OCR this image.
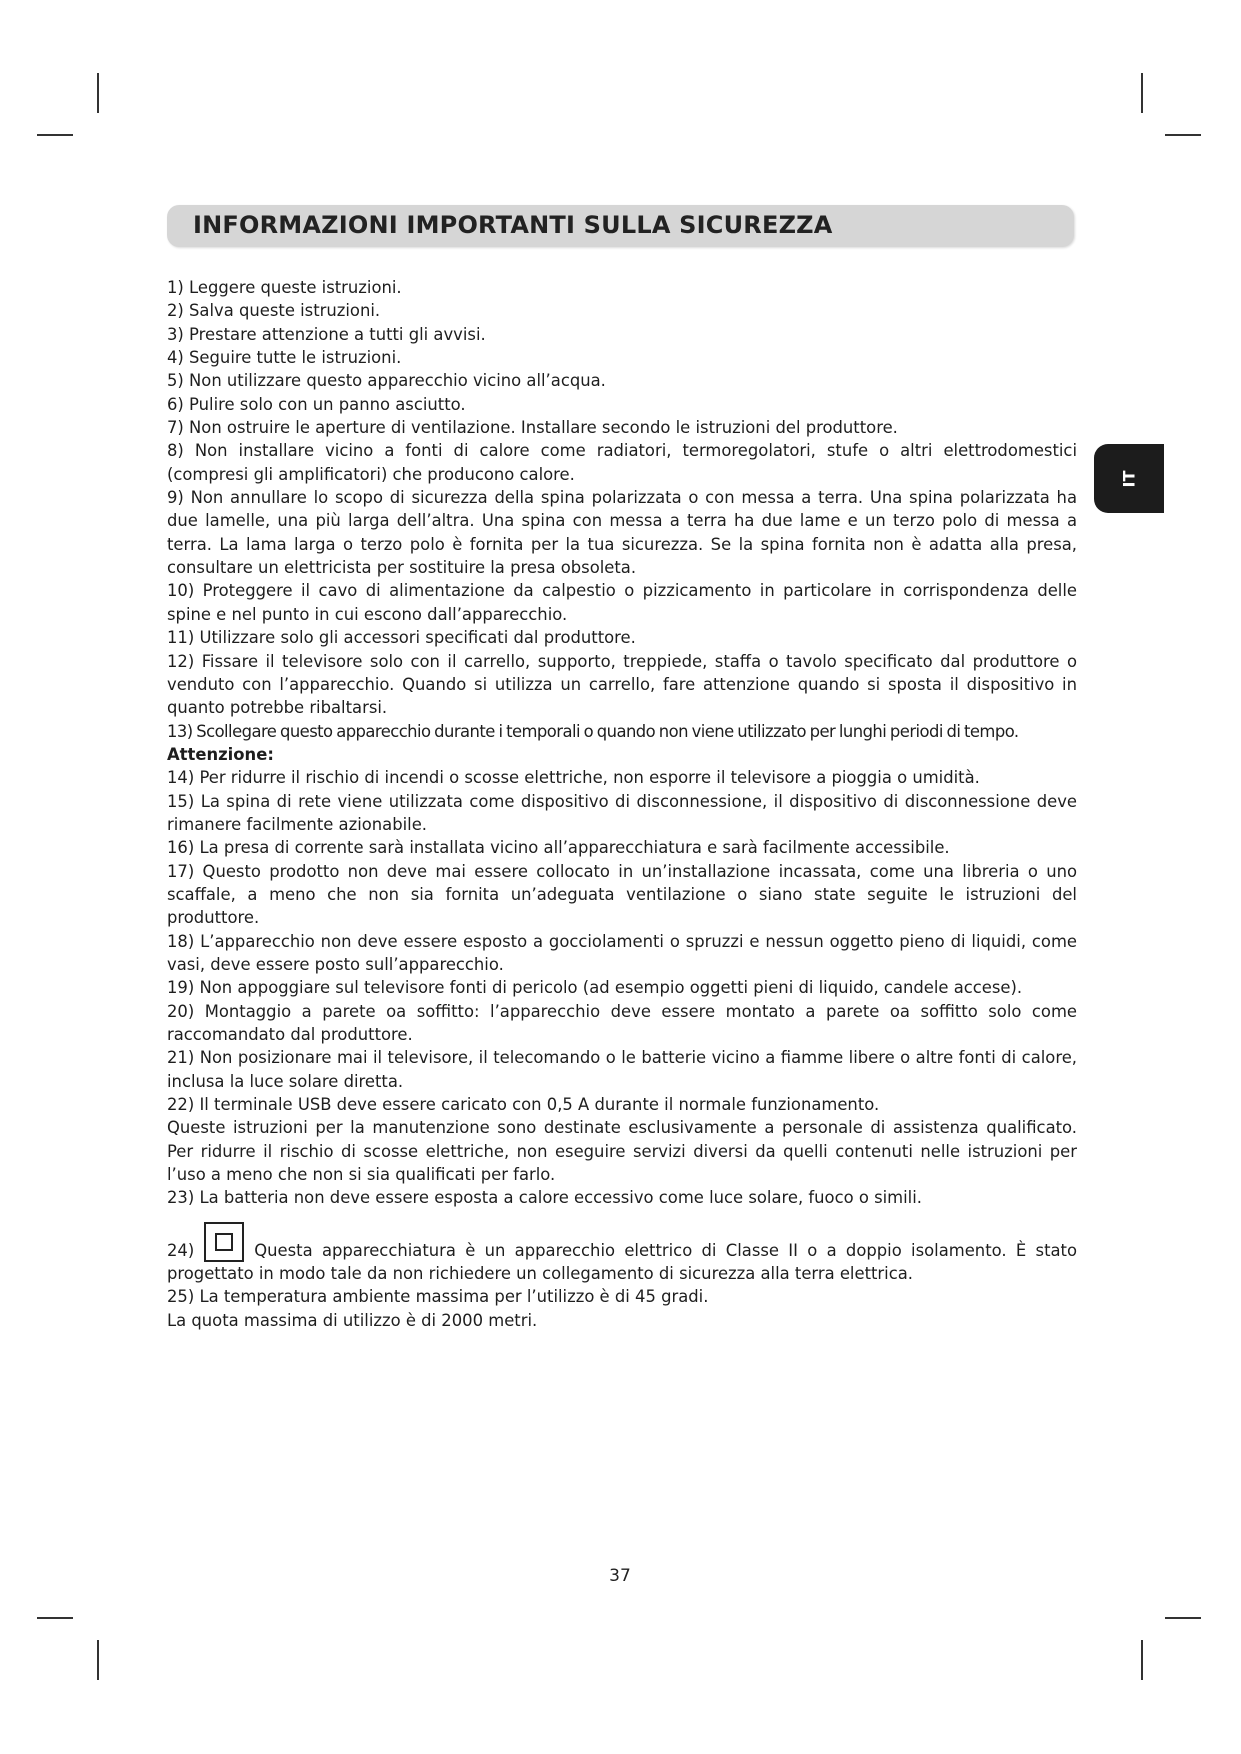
INFORMAZIONI IMPORTANTI SULLA SICUREZZA
IT

1) Leggere queste istruzioni.

2) Salva queste istruzioni.

3) Prestare attenzione a tutti gli avvisi.

4) Seguire tutte le istruzioni.

5) Non utilizzare questo apparecchio vicino all’acqua.

6) Pulire solo con un panno asciutto.

7) Non ostruire le aperture di ventilazione. Installare secondo le istruzioni del produttore.

8) Non installare vicino a fonti di calore come radiatori, termoregolatori, stufe o altri elettrodomestici (compresi gli amplificatori) che producono calore.

9) Non annullare lo scopo di sicurezza della spina polarizzata o con messa a terra. Una spina polarizzata ha due lamelle, una più larga dell’altra. Una spina con messa a terra ha due lame e un terzo polo di messa a terra. La lama larga o terzo polo è fornita per la tua sicurezza. Se la spina fornita non è adatta alla presa, consultare un elettricista per sostituire la presa obsoleta.

10) Proteggere il cavo di alimentazione da calpestio o pizzicamento in particolare in corrispondenza delle spine e nel punto in cui escono dall’apparecchio.

11) Utilizzare solo gli accessori specificati dal produttore.

12) Fissare il televisore solo con il carrello, supporto, treppiede, staffa o tavolo specificato dal produttore o venduto con l’apparecchio. Quando si utilizza un carrello, fare attenzione quando si sposta il dispositivo in quanto potrebbe ribaltarsi.

13) Scollegare questo apparecchio durante i temporali o quando non viene utilizzato per lunghi periodi di tempo.

Attenzione:

14) Per ridurre il rischio di incendi o scosse elettriche, non esporre il televisore a pioggia o umidità.

15) La spina di rete viene utilizzata come dispositivo di disconnessione, il dispositivo di disconnessione deve rimanere facilmente azionabile.

16) La presa di corrente sarà installata vicino all’apparecchiatura e sarà facilmente accessibile.

17) Questo prodotto non deve mai essere collocato in un’installazione incassata, come una libreria o uno scaffale, a meno che non sia fornita un’adeguata ventilazione o siano state seguite le istruzioni del produttore.

18) L’apparecchio non deve essere esposto a gocciolamenti o spruzzi e nessun oggetto pieno di liquidi, come vasi, deve essere posto sull’apparecchio.

19) Non appoggiare sul televisore fonti di pericolo (ad esempio oggetti pieni di liquido, candele accese).

20) Montaggio a parete oa soffitto: l’apparecchio deve essere montato a parete oa soffitto solo come raccomandato dal produttore.

21) Non posizionare mai il televisore, il telecomando o le batterie vicino a fiamme libere o altre fonti di calore, inclusa la luce solare diretta.

22) Il terminale USB deve essere caricato con 0,5 A durante il normale funzionamento.

Queste istruzioni per la manutenzione sono destinate esclusivamente a personale di assistenza qualificato. Per ridurre il rischio di scosse elettriche, non eseguire servizi diversi da quelli contenuti nelle istruzioni per l’uso a meno che non si sia qualificati per farlo.

23) La batteria non deve essere esposta a calore eccessivo come luce solare, fuoco o simili.

24)	Questa apparecchiatura è un apparecchio elettrico di Classe II o a doppio isolamento. È stato progettato in modo tale da non richiedere un collegamento di sicurezza alla terra elettrica.

25) La temperatura ambiente massima per l’utilizzo è di 45 gradi.

La quota massima di utilizzo è di 2000 metri.

37
